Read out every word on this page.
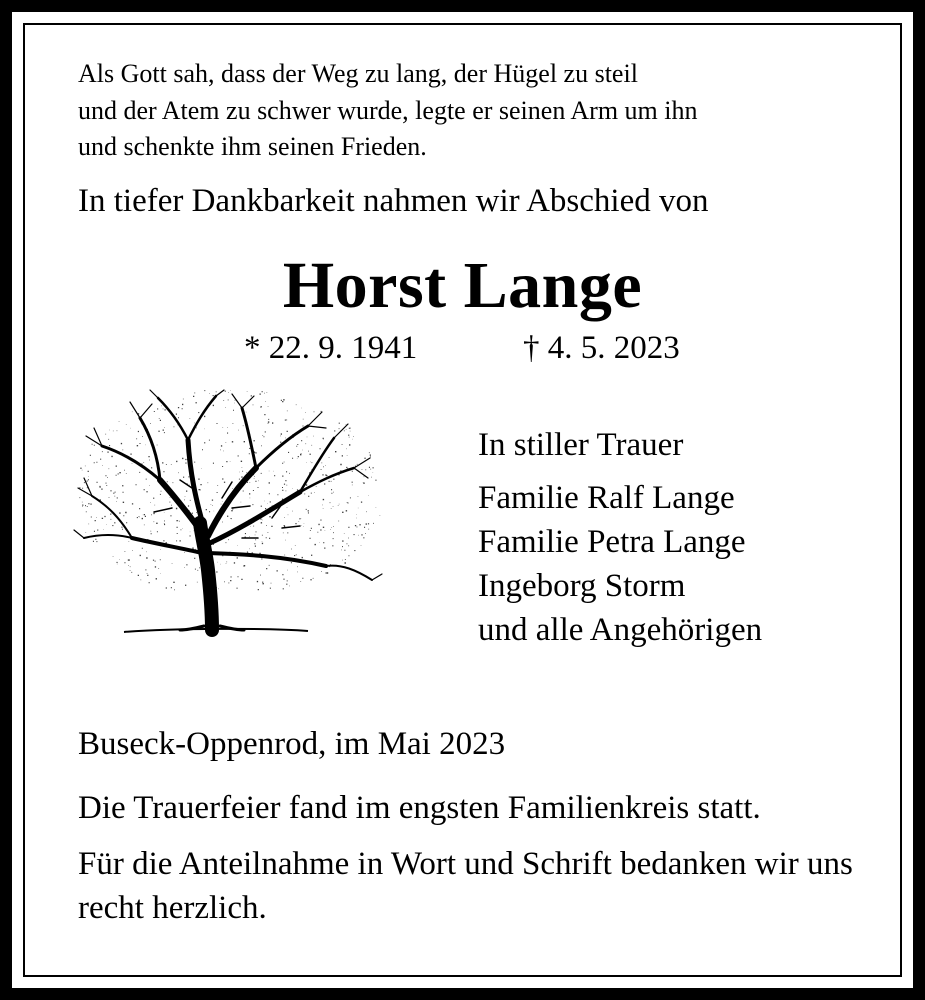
Als Gott sah, dass der Weg zu lang, der Hügel zu steil
und der Atem zu schwer wurde, legte er seinen Arm um ihn
und schenkte ihm seinen Frieden.

In tiefer Dankbarkeit nahmen wir Abschied von

Horst Lange

* 22. 9. 1941	† 4. 5. 2023

In stiller Trauer
Familie Ralf Lange
Familie Petra Lange
Ingeborg Storm
und alle Angehörigen

Buseck-Oppenrod, im Mai 2023

Die Trauerfeier fand im engsten Familienkreis statt.

Für die Anteilnahme in Wort und Schrift bedanken wir uns recht herzlich.
